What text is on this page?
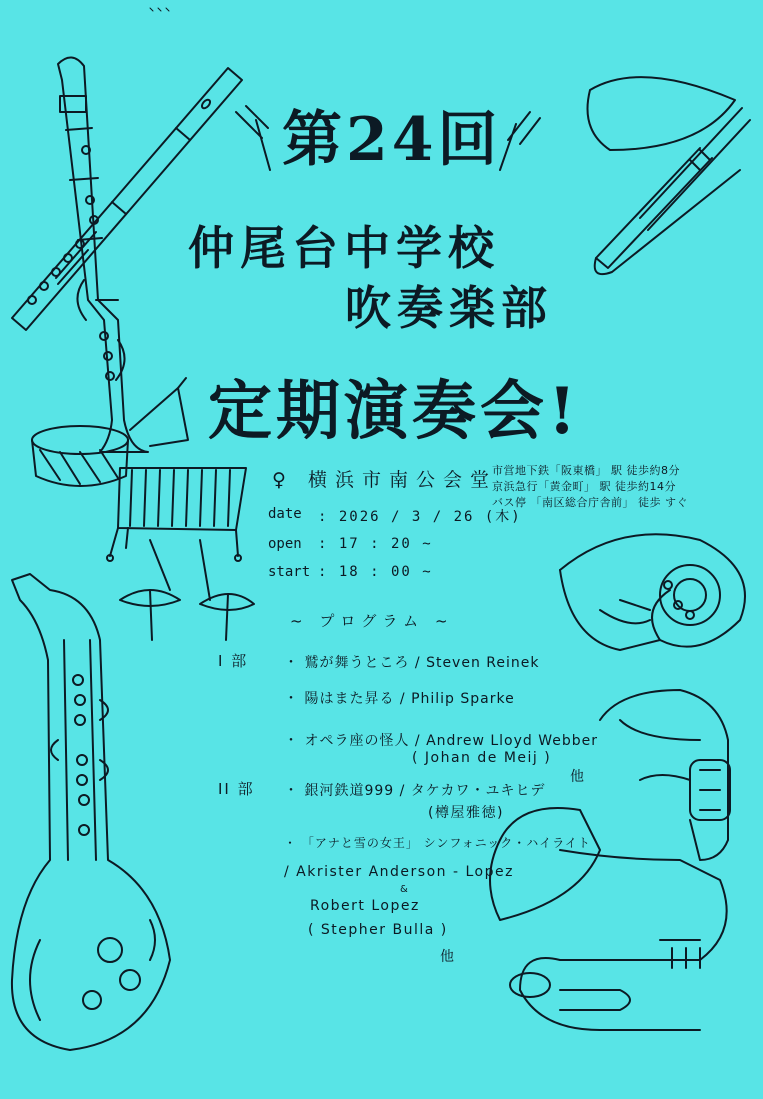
第24回
仲尾台中学校
吹奏楽部
定期演奏会!
♀ 横浜市南公会堂
市営地下鉄「阪東橋」 駅 徒歩約8分
京浜急行「黄金町」 駅 徒歩約14分
バス停 「南区総合庁舎前」 徒歩 すぐ
date : 2026 / 3 / 26 (木)
open : 17 : 20 ~
start : 18 : 00 ~
~ プログラム ~
I 部	・ 鷲が舞うところ / Steven Reinek
・ 陽はまた昇る / Philip Sparke
・ オペラ座の怪人 / Andrew Lloyd Webber
( Johan de Meij )
他
II 部 ・ 銀河鉄道999 / タケカワ・ユキヒデ
(樽屋雅徳)
・ 「アナと雪の女王」 シンフォニック・ハイライト
/ Akrister Anderson - Lopez
&
Robert Lopez
( Stepher Bulla )
他
